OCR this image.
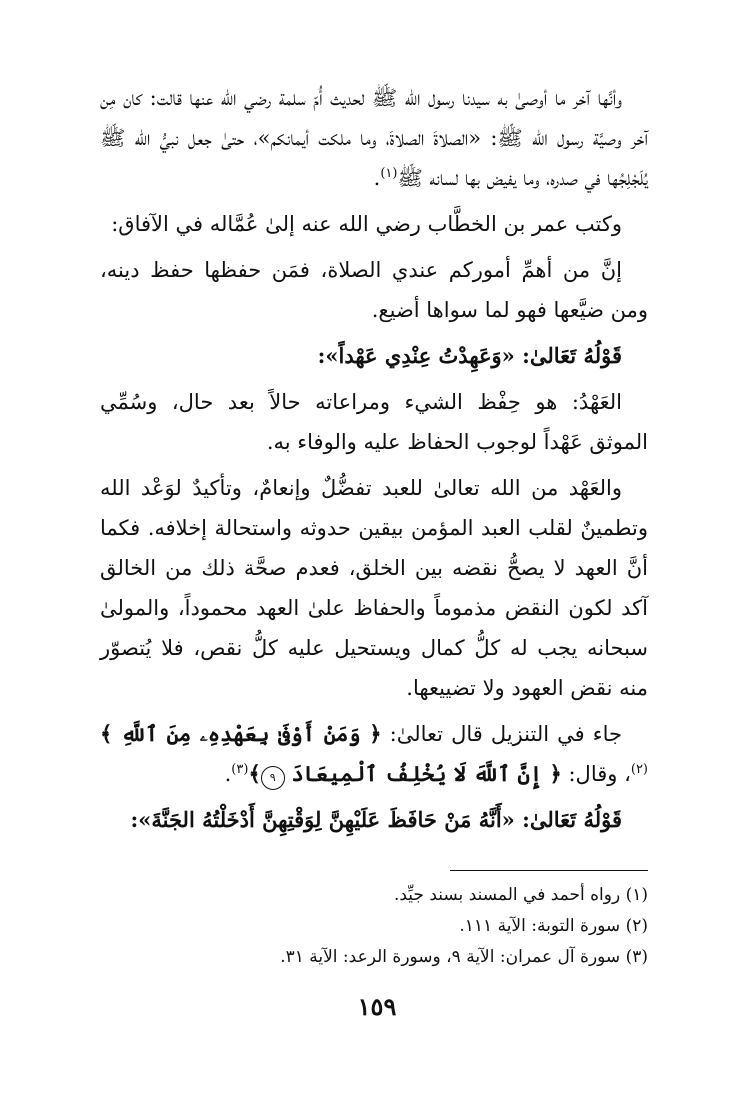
وأنَّها آخر ما أوصىٰ به سيدنا رسول الله ﷺ لحديث أُمّ سلمة رضي الله عنها قالت: كان مِن آخر وصيَّة رسول الله ﷺ: «الصلاةَ الصلاةَ، وما ملكت أيمانكم»، حتىٰ جعل نبيُّ الله ﷺ يُلَجْلِجُها في صدره، وما يفيض بها لسانه ﷺ$^{(١)}$.

وكتب عمر بن الخطَّاب رضي الله عنه إلىٰ عُمَّاله في الآفاق:

إنَّ من أهمِّ أموركم عندي الصلاة، فمَن حفظها حفظ دينه، ومن ضيَّعها فهو لما سواها أضيع.

قَوْلُهُ تَعَالىٰ: «وَعَهِدْتُ عِنْدِي عَهْداً»:

العَهْدُ: هو حِفْظ الشيء ومراعاته حالاً بعد حال، وسُمِّي الموثق عَهْداً لوجوب الحفاظ عليه والوفاء به.

والعَهْد من الله تعالىٰ للعبد تفضُّلٌ وإنعامٌ، وتأكيدٌ لوَعْد الله وتطمينٌ لقلب العبد المؤمن بيقين حدوثه واستحالة إخلافه. فكما أنَّ العهد لا يصحُّ نقضه بين الخلق، فعدم صحَّة ذلك من الخالق آكد لكون النقض مذموماً والحفاظ علىٰ العهد محموداً، والمولىٰ سبحانه يجب له كلُّ كمال ويستحيل عليه كلُّ نقص، فلا يُتصوّر منه نقض العهود ولا تضييعها.

جاء في التنزيل قال تعالىٰ: ﴿ وَمَنْ أَوْفَىٰ بِعَهْدِهِۦ مِنَ ٱللَّهِ ﴾$^{(٢)}$، وقال: ﴿ إِنَّ ٱللَّهَ لَا يُخْلِفُ ٱلْمِيعَادَ ٩﴾$^{(٣)}$.

قَوْلُهُ تَعَالىٰ: «أَنَّهُ مَنْ حَافَظَ عَلَيْهِنَّ لِوَقْتِهِنَّ أَدْخَلْتُهُ الجَنَّةَ»:

(١) رواه أحمد في المسند بسند جيِّد.

(٢) سورة التوبة: الآية ١١١.

(٣) سورة آل عمران: الآية ٩، وسورة الرعد: الآية ٣١.

١٥٩
